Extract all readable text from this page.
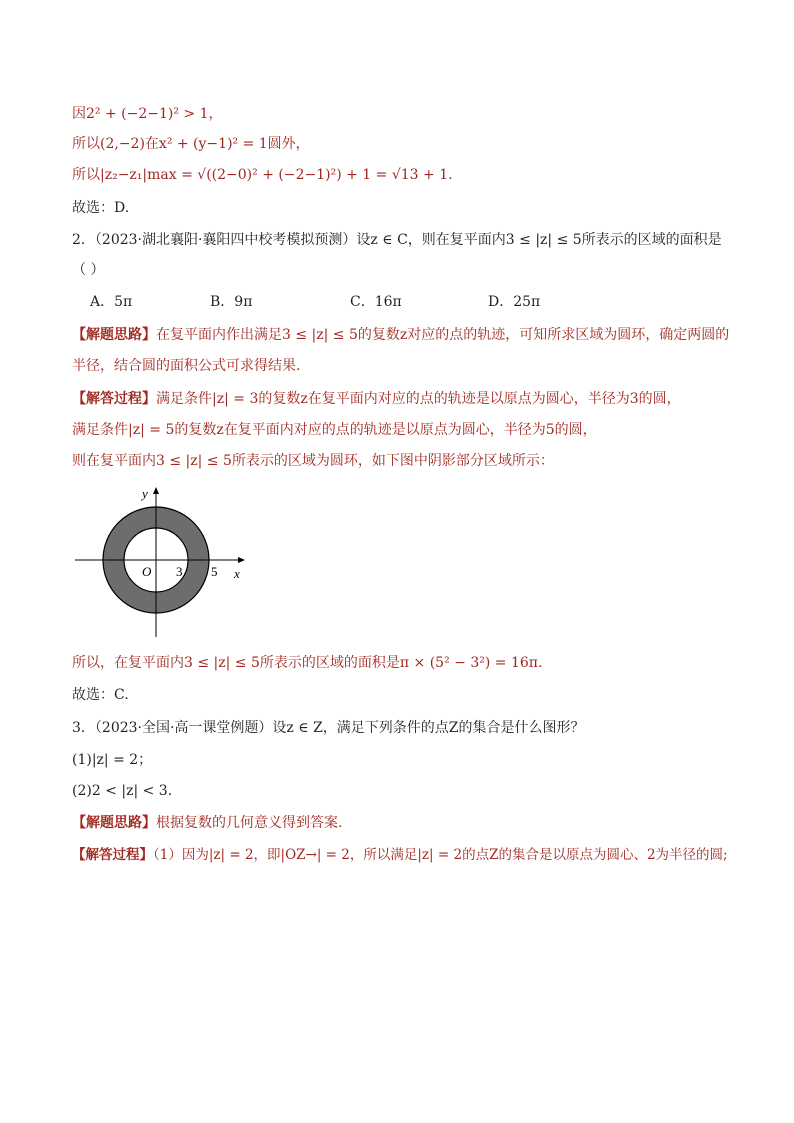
因2² + (−2−1)² > 1，
所以(2,−2)在x² + (y−1)² = 1圆外，
所以|z₂−z₁|max = √((2−0)² + (−2−1)²) + 1 = √13 + 1.
故选：D.
2．（2023·湖北襄阳·襄阳四中校考模拟预测）设z ∈ C，则在复平面内3 ≤ |z| ≤ 5所表示的区域的面积是
（ ）
A．5π	B．9π	C．16π	D．25π
【解题思路】在复平面内作出满足3 ≤ |z| ≤ 5的复数z对应的点的轨迹，可知所求区域为圆环，确定两圆的
半径，结合圆的面积公式可求得结果.
【解答过程】满足条件|z| = 3的复数z在复平面内对应的点的轨迹是以原点为圆心，半径为3的圆，
满足条件|z| = 5的复数z在复平面内对应的点的轨迹是以原点为圆心，半径为5的圆，
则在复平面内3 ≤ |z| ≤ 5所表示的区域为圆环，如下图中阴影部分区域所示：
y
x
O 3 5
所以，在复平面内3 ≤ |z| ≤ 5所表示的区域的面积是π × (5² − 3²) = 16π.
故选：C.
3．（2023·全国·高一课堂例题）设z ∈ Z，满足下列条件的点Z的集合是什么图形？
(1)|z| = 2；
(2)2 < |z| < 3．
【解题思路】根据复数的几何意义得到答案.
【解答过程】（1）因为|z| = 2，即|OZ→| = 2，所以满足|z| = 2的点Z的集合是以原点为圆心、2为半径的圆;
